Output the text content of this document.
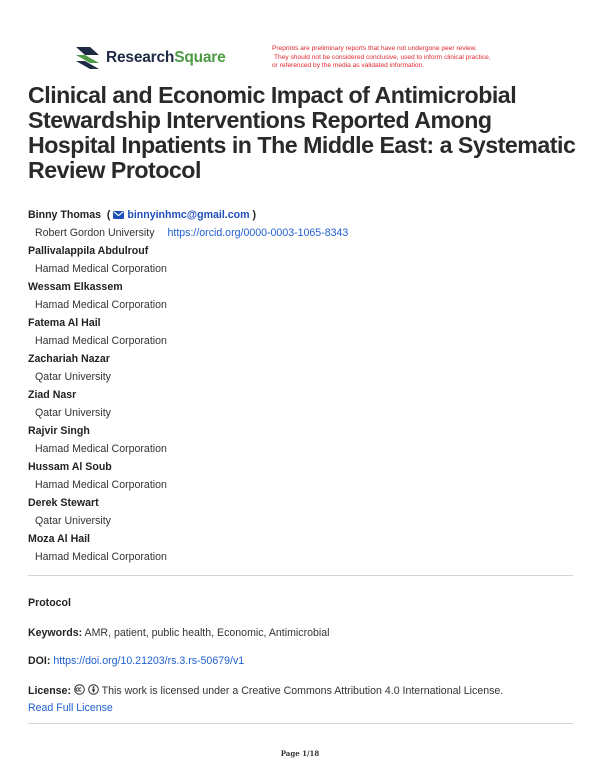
ResearchSquare
Preprints are preliminary reports that have not undergone peer review.
They should not be considered conclusive, used to inform clinical practice,
or referenced by the media as validated information.
Clinical and Economic Impact of Antimicrobial Stewardship Interventions Reported Among Hospital Inpatients in The Middle East: a Systematic Review Protocol
Binny Thomas  ( binnyinhmc@gmail.com )
Robert Gordon University https://orcid.org/0000-0003-1065-8343
Pallivalappila Abdulrouf
Hamad Medical Corporation
Wessam Elkassem
Hamad Medical Corporation
Fatema Al Hail
Hamad Medical Corporation
Zachariah Nazar
Qatar University
Ziad Nasr
Qatar University
Rajvir Singh
Hamad Medical Corporation
Hussam Al Soub
Hamad Medical Corporation
Derek Stewart
Qatar University
Moza Al Hail
Hamad Medical Corporation
Protocol
Keywords: AMR, patient, public health, Economic, Antimicrobial
DOI: https://doi.org/10.21203/rs.3.rs-50679/v1
License:	This work is licensed under a Creative Commons Attribution 4.0 International License.
Read Full License
Page 1/18
